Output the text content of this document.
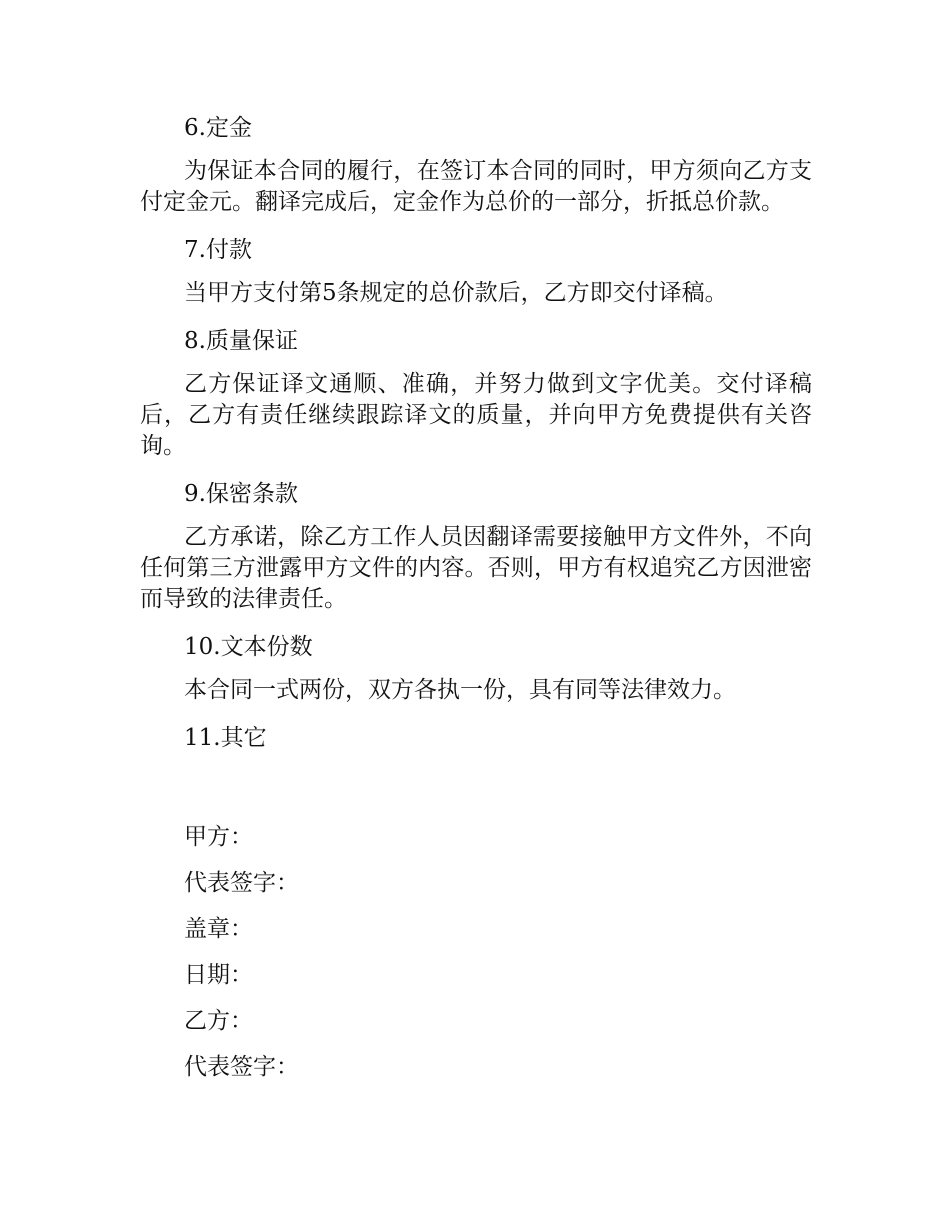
6.定金

为保证本合同的履行，在签订本合同的同时，甲方须向乙方支付定金元。翻译完成后，定金作为总价的一部分，折抵总价款。

7.付款

当甲方支付第5条规定的总价款后，乙方即交付译稿。

8.质量保证

乙方保证译文通顺、准确，并努力做到文字优美。交付译稿后，乙方有责任继续跟踪译文的质量，并向甲方免费提供有关咨询。

9.保密条款

乙方承诺，除乙方工作人员因翻译需要接触甲方文件外，不向任何第三方泄露甲方文件的内容。否则，甲方有权追究乙方因泄密而导致的法律责任。

10.文本份数

本合同一式两份，双方各执一份，具有同等法律效力。

11.其它

甲方：

代表签字：

盖章：

日期：

乙方：

代表签字：
